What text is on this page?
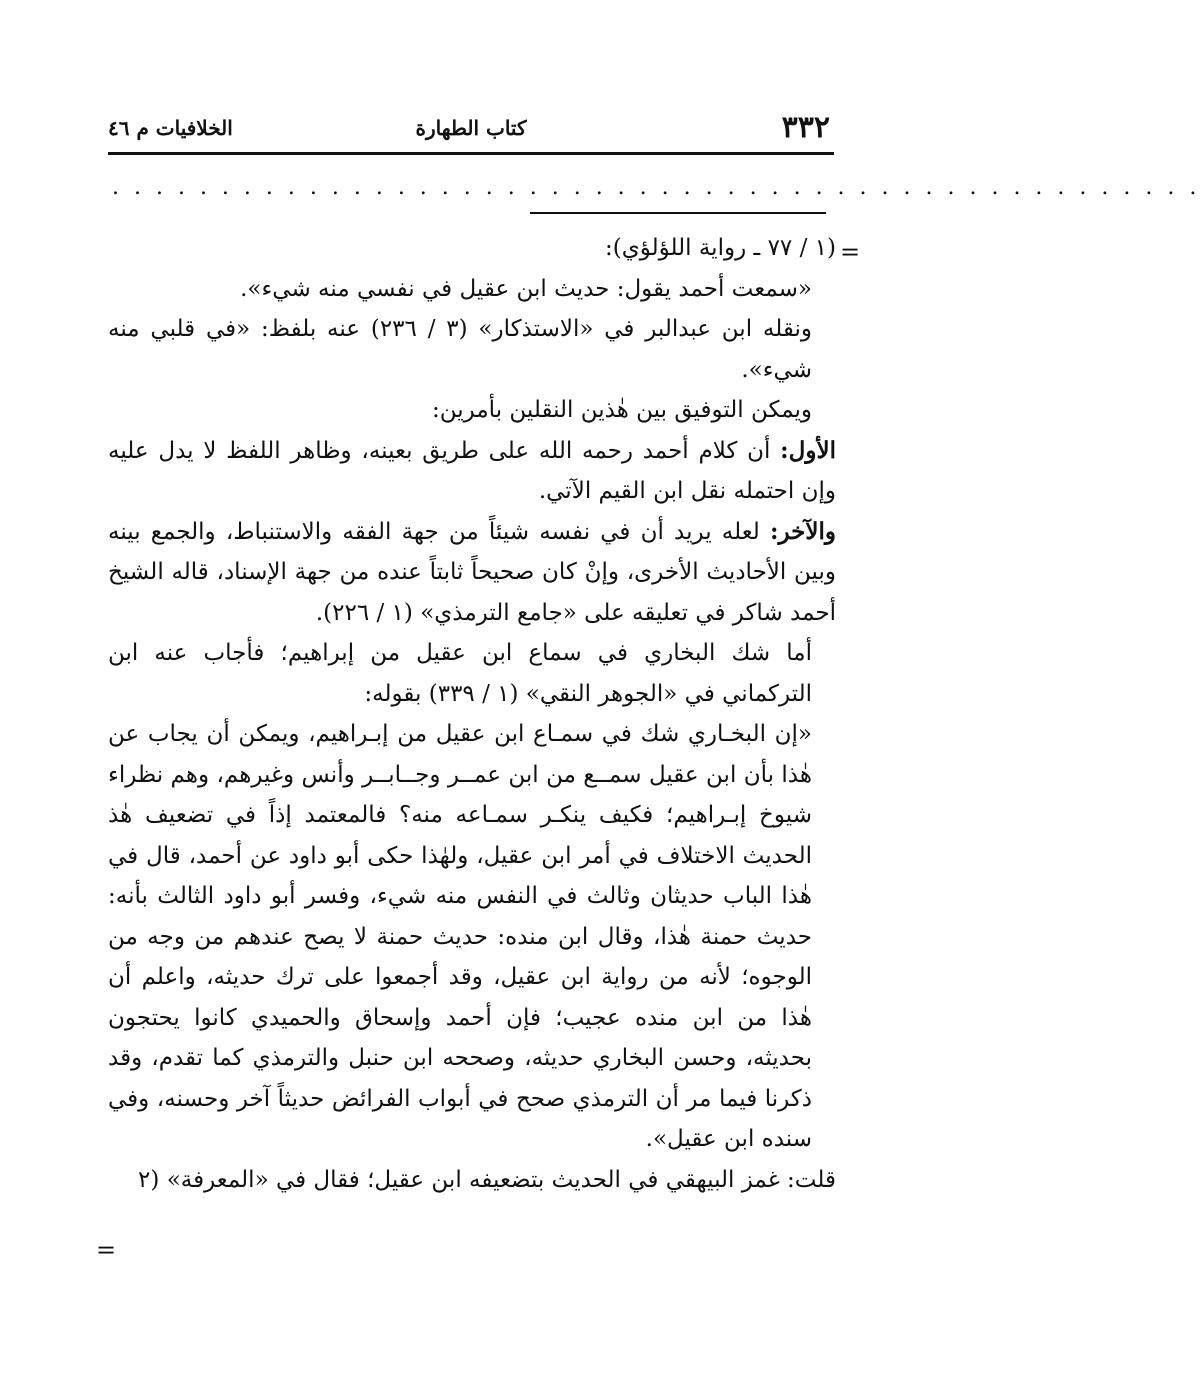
٣٣٢
كتاب الطهارة
الخلافيات م ٤٦
. . . . . . . . . . . . . . . . . . . . . . . . . . . . . . . . . . . . . . . . . . . . . . . . . .
=

(١ / ٧٧ ـ رواية اللؤلؤي):

«سمعت أحمد يقول: حديث ابن عقيل في نفسي منه شيء».

ونقله ابن عبدالبر في «الاستذكار» (٣ / ٢٣٦) عنه بلفظ: «في قلبي منه شيء».

ويمكن التوفيق بين هٰذين النقلين بأمرين:

الأول: أن كلام أحمد رحمه الله على طريق بعينه، وظاهر اللفظ لا يدل عليه وإن احتمله نقل ابن القيم الآتي.

والآخر: لعله يريد أن في نفسه شيئاً من جهة الفقه والاستنباط، والجمع بينه وبين الأحاديث الأخرى، وإنْ كان صحيحاً ثابتاً عنده من جهة الإسناد، قاله الشيخ أحمد شاكر في تعليقه على «جامع الترمذي» (١ / ٢٢٦).

أما شك البخاري في سماع ابن عقيل من إبراهيم؛ فأجاب عنه ابن التركماني في «الجوهر النقي» (١ / ٣٣٩) بقوله:

«إن البخـاري شك في سمـاع ابن عقيل من إبـراهيم، ويمكن أن يجاب عن هٰذا بأن ابن عقيل سمــع من ابن عمــر وجــابــر وأنس وغيرهم، وهم نظراء شيوخ إبـراهيم؛ فكيف ينكـر سمـاعه منه؟ فالمعتمد إذاً في تضعيف هٰذ الحديث الاختلاف في أمر ابن عقيل، ولهٰذا حكى أبو داود عن أحمد، قال في هٰذا الباب حديثان وثالث في النفس منه شيء، وفسر أبو داود الثالث بأنه: حديث حمنة هٰذا، وقال ابن منده: حديث حمنة لا يصح عندهم من وجه من الوجوه؛ لأنه من رواية ابن عقيل، وقد أجمعوا على ترك حديثه، واعلم أن هٰذا من ابن منده عجيب؛ فإن أحمد وإسحاق والحميدي كانوا يحتجون بحديثه، وحسن البخاري حديثه، وصححه ابن حنبل والترمذي كما تقدم، وقد ذكرنا فيما مر أن الترمذي صحح في أبواب الفرائض حديثاً آخر وحسنه، وفي سنده ابن عقيل».

قلت: غمز البيهقي في الحديث بتضعيفه ابن عقيل؛ فقال في «المعرفة» (٢

=
